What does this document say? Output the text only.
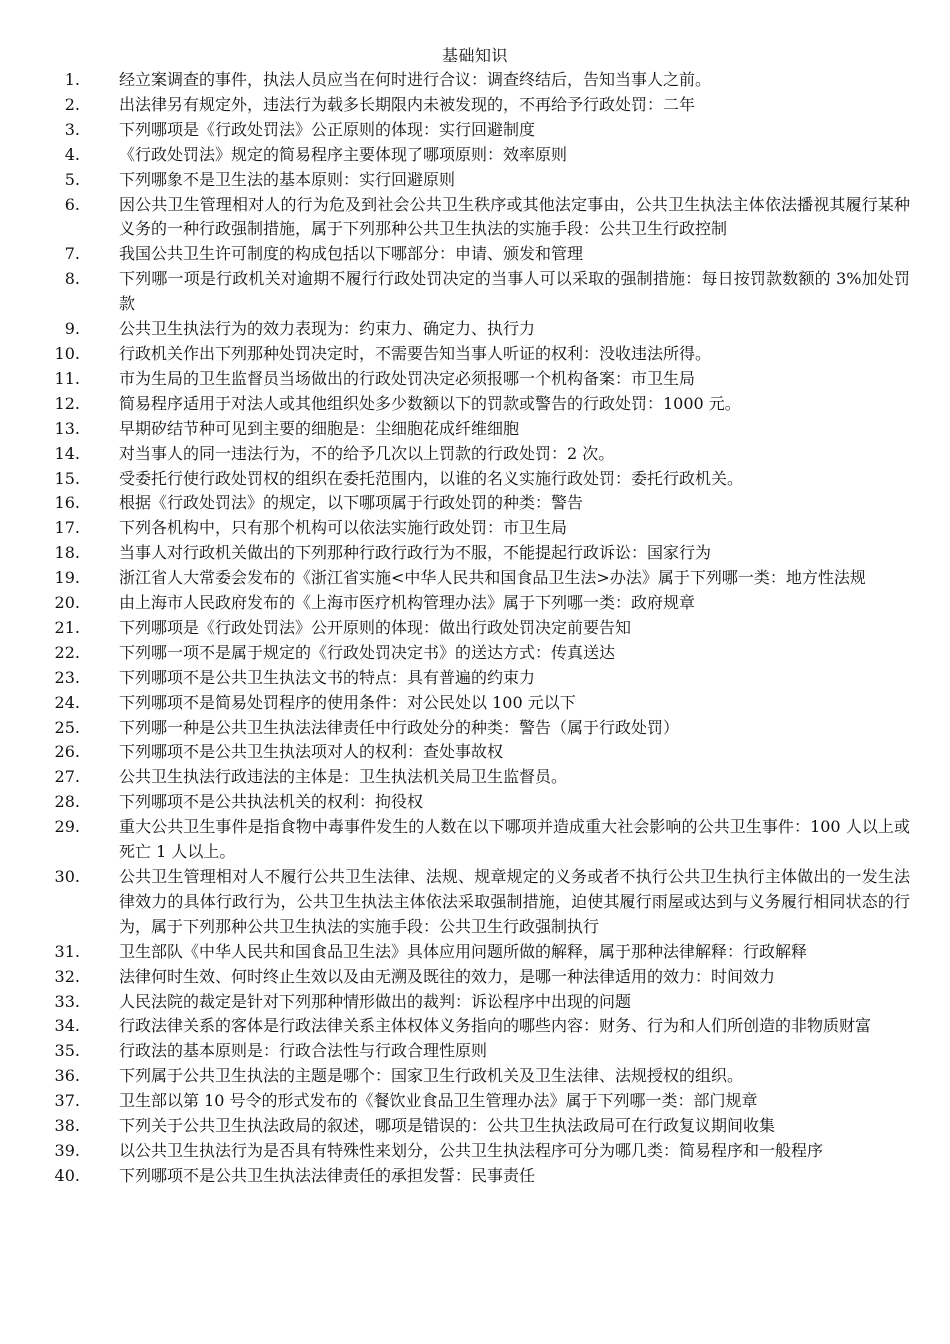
基础知识
1.	经立案调查的事件，执法人员应当在何时进行合议：调查终结后，告知当事人之前。
2.	出法律另有规定外，违法行为载多长期限内未被发现的，不再给予行政处罚：二年
3.	下列哪项是《行政处罚法》公正原则的体现：实行回避制度
4.	《行政处罚法》规定的简易程序主要体现了哪项原则：效率原则
5.	下列哪象不是卫生法的基本原则：实行回避原则
6.	因公共卫生管理相对人的行为危及到社会公共卫生秩序或其他法定事由，公共卫生执法主体依法播视其履行某种义务的一种行政强制措施，属于下列那种公共卫生执法的实施手段：公共卫生行政控制
7.	我国公共卫生许可制度的构成包括以下哪部分：申请、颁发和管理
8.	下列哪一项是行政机关对逾期不履行行政处罚决定的当事人可以采取的强制措施：每日按罚款数额的 3%加处罚款
9.	公共卫生执法行为的效力表现为：约束力、确定力、执行力
10.	行政机关作出下列那种处罚决定时，不需要告知当事人听证的权利：没收违法所得。
11.	市为生局的卫生监督员当场做出的行政处罚决定必须报哪一个机构备案：市卫生局
12.	简易程序适用于对法人或其他组织处多少数额以下的罚款或警告的行政处罚：1000 元。
13.	早期矽结节种可见到主要的细胞是：尘细胞花成纤维细胞
14.	对当事人的同一违法行为，不的给予几次以上罚款的行政处罚：2 次。
15.	受委托行使行政处罚权的组织在委托范围内，以谁的名义实施行政处罚：委托行政机关。
16.	根据《行政处罚法》的规定，以下哪项属于行政处罚的种类：警告
17.	下列各机构中，只有那个机构可以依法实施行政处罚：市卫生局
18.	当事人对行政机关做出的下列那种行政行政行为不服，不能提起行政诉讼：国家行为
19.	浙江省人大常委会发布的《浙江省实施<中华人民共和国食品卫生法>办法》属于下列哪一类：地方性法规
20.	由上海市人民政府发布的《上海市医疗机构管理办法》属于下列哪一类：政府规章
21.	下列哪项是《行政处罚法》公开原则的体现：做出行政处罚决定前要告知
22.	下列哪一项不是属于规定的《行政处罚决定书》的送达方式：传真送达
23.	下列哪项不是公共卫生执法文书的特点：具有普遍的约束力
24.	下列哪项不是简易处罚程序的使用条件：对公民处以 100 元以下
25.	下列哪一种是公共卫生执法法律责任中行政处分的种类：警告（属于行政处罚）
26.	下列哪项不是公共卫生执法项对人的权利：查处事故权
27.	公共卫生执法行政违法的主体是：卫生执法机关局卫生监督员。
28.	下列哪项不是公共执法机关的权利：拘役权
29.	重大公共卫生事件是指食物中毒事件发生的人数在以下哪项并造成重大社会影响的公共卫生事件：100 人以上或死亡 1 人以上。
30.	公共卫生管理相对人不履行公共卫生法律、法规、规章规定的义务或者不执行公共卫生执行主体做出的一发生法律效力的具体行政行为，公共卫生执法主体依法采取强制措施，迫使其履行雨屋或达到与义务履行相同状态的行为，属于下列那种公共卫生执法的实施手段：公共卫生行政强制执行
31.	卫生部队《中华人民共和国食品卫生法》具体应用问题所做的解释，属于那种法律解释：行政解释
32.	法律何时生效、何时终止生效以及由无溯及既往的效力，是哪一种法律适用的效力：时间效力
33.	人民法院的裁定是针对下列那种情形做出的裁判：诉讼程序中出现的问题
34.	行政法律关系的客体是行政法律关系主体权体义务指向的哪些内容：财务、行为和人们所创造的非物质财富
35.	行政法的基本原则是：行政合法性与行政合理性原则
36.	下列属于公共卫生执法的主题是哪个：国家卫生行政机关及卫生法律、法规授权的组织。
37.	卫生部以第 10 号令的形式发布的《餐饮业食品卫生管理办法》属于下列哪一类：部门规章
38.	下列关于公共卫生执法政局的叙述，哪项是错误的：公共卫生执法政局可在行政复议期间收集
39.	以公共卫生执法行为是否具有特殊性来划分，公共卫生执法程序可分为哪几类：简易程序和一般程序
40.	下列哪项不是公共卫生执法法律责任的承担发誓：民事责任
